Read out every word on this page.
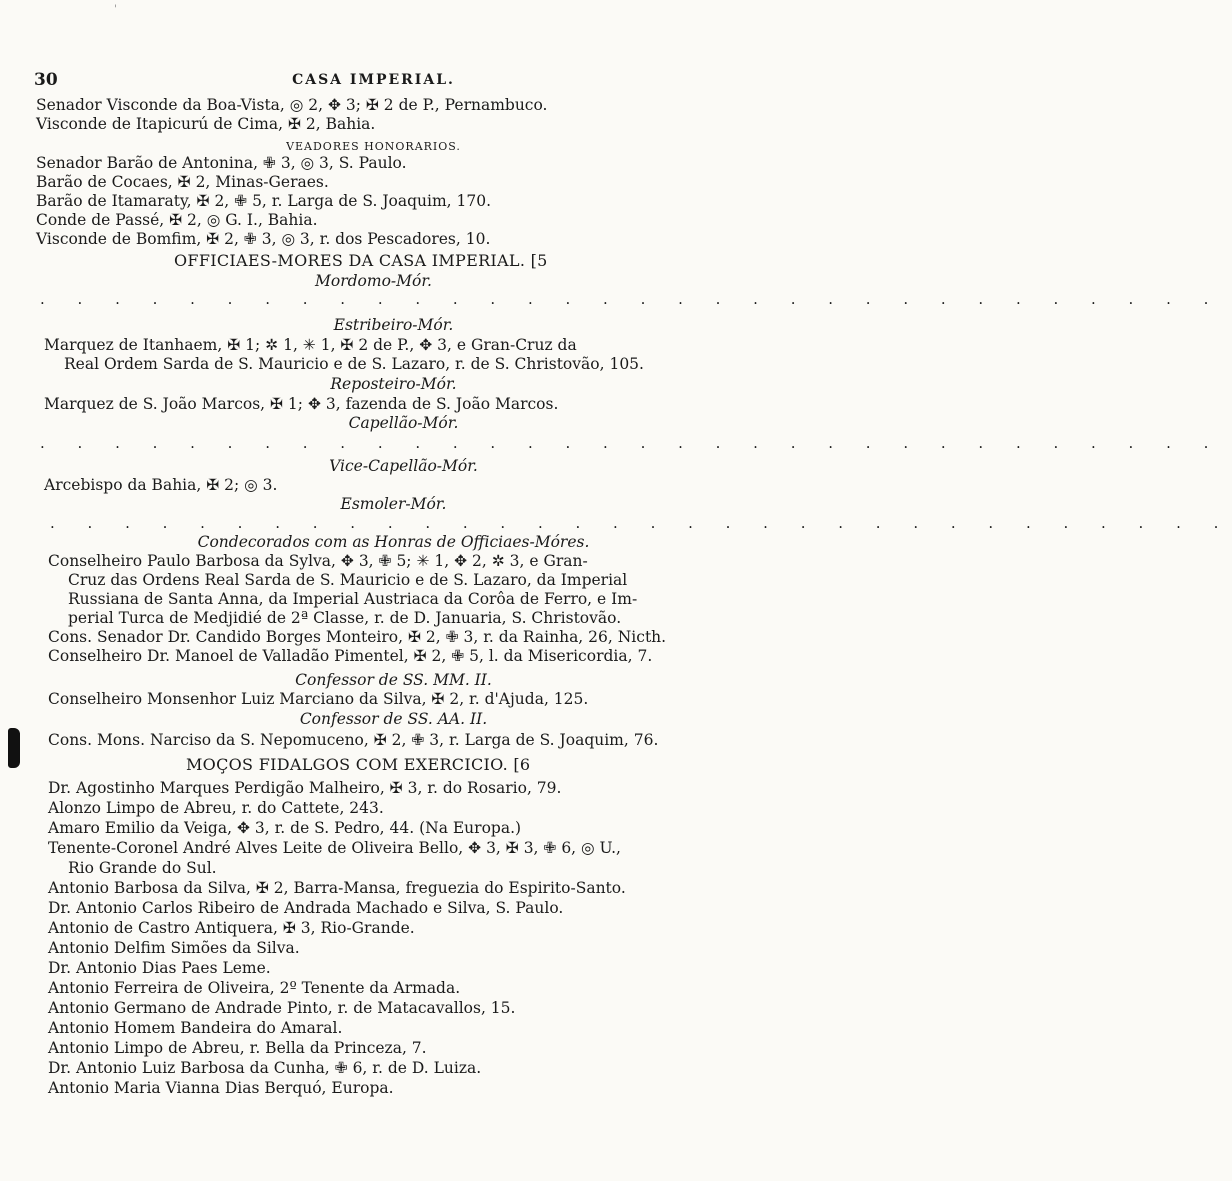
'
30	CASA IMPERIAL.
Senador Visconde da Boa-Vista, ◎ 2, ✥ 3; ✠ 2 de P., Pernambuco.
Visconde de Itapicurú de Cima, ✠ 2, Bahia.
VEADORES HONORARIOS.
Senador Barão de Antonina, ✙ 3, ◎ 3, S. Paulo.
Barão de Cocaes, ✠ 2, Minas-Geraes.
Barão de Itamaraty, ✠ 2, ✙ 5, r. Larga de S. Joaquim, 170.
Conde de Passé, ✠ 2, ◎ G. I., Bahia.
Visconde de Bomfim, ✠ 2, ✙ 3, ◎ 3, r. dos Pescadores, 10.
OFFICIAES-MORES DA CASA IMPERIAL. [5
Mordomo-Mór.
. . . . . . . . . . . . . . . . . . . . . . . . . . . . . . . .
Estribeiro-Mór.
Marquez de Itanhaem, ✠ 1; ✲ 1, ✳ 1, ✠ 2 de P., ✥ 3, e Gran-Cruz da
Real Ordem Sarda de S. Mauricio e de S. Lazaro, r. de S. Christovão, 105.
Reposteiro-Mór.
Marquez de S. João Marcos, ✠ 1; ✥ 3, fazenda de S. João Marcos.
Capellão-Mór.
. . . . . . . . . . . . . . . . . . . . . . . . . . . . . . . .
Vice-Capellão-Mór.
Arcebispo da Bahia, ✠ 2; ◎ 3.
Esmoler-Mór.
. . . . . . . . . . . . . . . . . . . . . . . . . . . . . . . .
Condecorados com as Honras de Officiaes-Móres.
Conselheiro Paulo Barbosa da Sylva, ✥ 3, ✙ 5; ✳ 1, ✥ 2, ✲ 3, e Gran-
Cruz das Ordens Real Sarda de S. Mauricio e de S. Lazaro, da Imperial
Russiana de Santa Anna, da Imperial Austriaca da Corôa de Ferro, e Im-
perial Turca de Medjidié de 2ª Classe, r. de D. Januaria, S. Christovão.
Cons. Senador Dr. Candido Borges Monteiro, ✠ 2, ✙ 3, r. da Rainha, 26, Nicth.
Conselheiro Dr. Manoel de Valladão Pimentel, ✠ 2, ✙ 5, l. da Misericordia, 7.
Confessor de SS. MM. II.
Conselheiro Monsenhor Luiz Marciano da Silva, ✠ 2, r. d'Ajuda, 125.
Confessor de SS. AA. II.
Cons. Mons. Narciso da S. Nepomuceno, ✠ 2, ✙ 3, r. Larga de S. Joaquim, 76.
MOÇOS FIDALGOS COM EXERCICIO. [6
Dr. Agostinho Marques Perdigão Malheiro, ✠ 3, r. do Rosario, 79.
Alonzo Limpo de Abreu, r. do Cattete, 243.
Amaro Emilio da Veiga, ✥ 3, r. de S. Pedro, 44. (Na Europa.)
Tenente-Coronel André Alves Leite de Oliveira Bello, ✥ 3, ✠ 3, ✙ 6, ◎ U.,
Rio Grande do Sul.
Antonio Barbosa da Silva, ✠ 2, Barra-Mansa, freguezia do Espirito-Santo.
Dr. Antonio Carlos Ribeiro de Andrada Machado e Silva, S. Paulo.
Antonio de Castro Antiquera, ✠ 3, Rio-Grande.
Antonio Delfim Simões da Silva.
Dr. Antonio Dias Paes Leme.
Antonio Ferreira de Oliveira, 2º Tenente da Armada.
Antonio Germano de Andrade Pinto, r. de Matacavallos, 15.
Antonio Homem Bandeira do Amaral.
Antonio Limpo de Abreu, r. Bella da Princeza, 7.
Dr. Antonio Luiz Barbosa da Cunha, ✙ 6, r. de D. Luiza.
Antonio Maria Vianna Dias Berquó, Europa.
